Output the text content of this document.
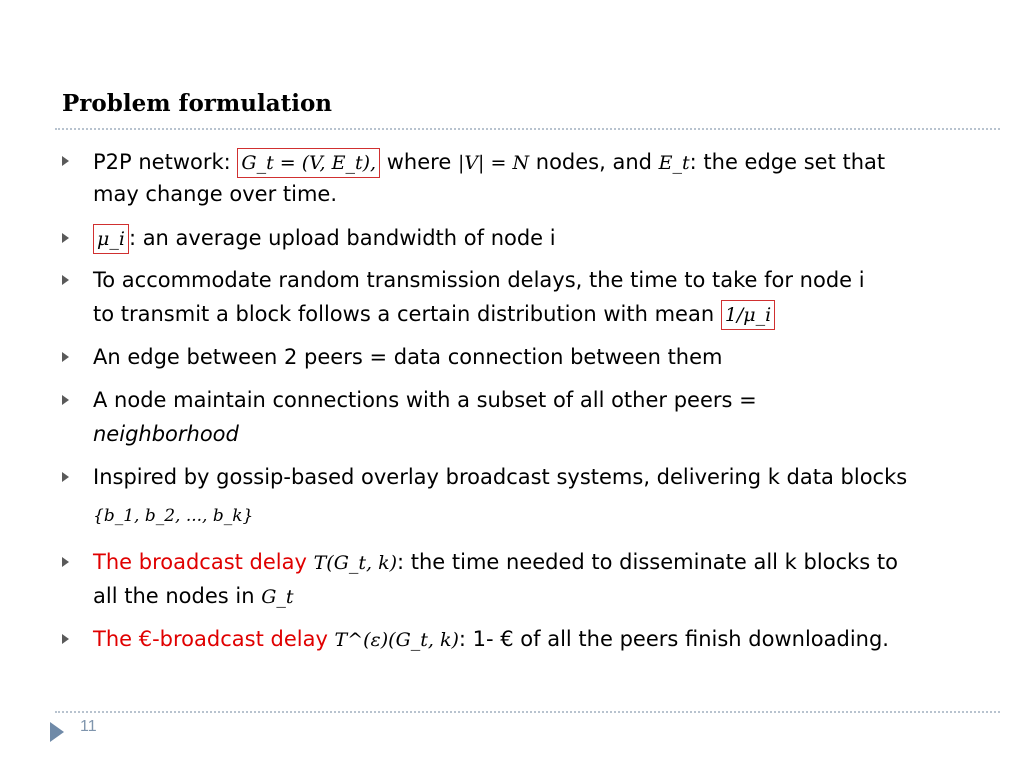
Problem formulation
P2P network: G_t = (V, E_t), where |V| = N nodes, and E_t: the edge set that
may change over time.
μ_i : an average upload bandwidth of node i
To accommodate random transmission delays, the time to take for node i
to transmit a block follows a certain distribution with mean 1/μ_i
An edge between 2 peers = data connection between them
A node maintain connections with a subset of all other peers =
neighborhood
Inspired by gossip-based overlay broadcast systems, delivering k data blocks
{b_1, b_2, ..., b_k}
The broadcast delay T(G_t, k): the time needed to disseminate all k blocks to
all the nodes in G_t
The €-broadcast delay T^(ε)(G_t, k): 1- € of all the peers finish downloading.
11
